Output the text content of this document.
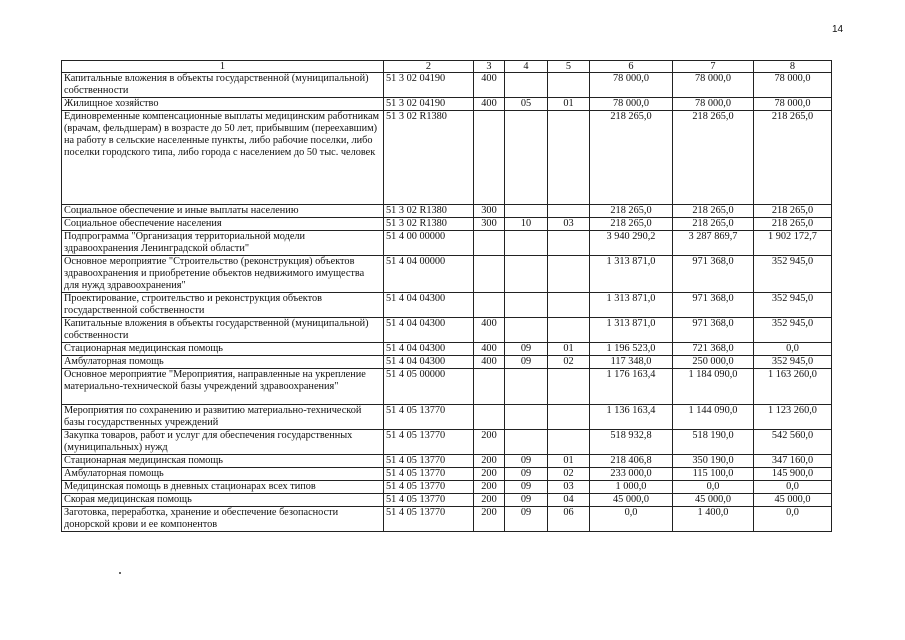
14
1	2	3	4	5	6	7	8
Капитальные вложения в объекты государственной (муниципальной) собственности	51 3 02 04190	400			78 000,0	78 000,0	78 000,0
Жилищное хозяйство	51 3 02 04190	400	05	01	78 000,0	78 000,0	78 000,0
Единовременные компенсационные выплаты медицинским работникам (врачам, фельдшерам) в возрасте до 50 лет, прибывшим (переехавшим) на работу в сельские населенные пункты, либо рабочие поселки, либо поселки городского типа, либо города с населением до 50 тыс. человек	51 3 02 R1380				218 265,0	218 265,0	218 265,0
Социальное обеспечение и иные выплаты населению	51 3 02 R1380	300			218 265,0	218 265,0	218 265,0
Социальное обеспечение населения	51 3 02 R1380	300	10	03	218 265,0	218 265,0	218 265,0
Подпрограмма "Организация территориальной модели здравоохранения Ленинградской области"	51 4 00 00000				3 940 290,2	3 287 869,7	1 902 172,7
Основное мероприятие "Строительство (реконструкция) объектов здравоохранения и приобретение объектов недвижимого имущества для нужд здравоохранения"	51 4 04 00000				1 313 871,0	971 368,0	352 945,0
Проектирование, строительство и реконструкция объектов государственной собственности	51 4 04 04300				1 313 871,0	971 368,0	352 945,0
Капитальные вложения в объекты государственной (муниципальной) собственности	51 4 04 04300	400			1 313 871,0	971 368,0	352 945,0
Стационарная медицинская помощь	51 4 04 04300	400	09	01	1 196 523,0	721 368,0	0,0
Амбулаторная помощь	51 4 04 04300	400	09	02	117 348,0	250 000,0	352 945,0
Основное мероприятие "Мероприятия, направленные на укрепление материально-технической базы учреждений здравоохранения"	51 4 05 00000				1 176 163,4	1 184 090,0	1 163 260,0
Мероприятия по сохранению и развитию материально-технической базы государственных учреждений	51 4 05 13770				1 136 163,4	1 144 090,0	1 123 260,0
Закупка товаров, работ и услуг для обеспечения государственных (муниципальных) нужд	51 4 05 13770	200			518 932,8	518 190,0	542 560,0
Стационарная медицинская помощь	51 4 05 13770	200	09	01	218 406,8	350 190,0	347 160,0
Амбулаторная помощь	51 4 05 13770	200	09	02	233 000,0	115 100,0	145 900,0
Медицинская помощь в дневных стационарах всех типов	51 4 05 13770	200	09	03	1 000,0	0,0	0,0
Скорая медицинская помощь	51 4 05 13770	200	09	04	45 000,0	45 000,0	45 000,0
Заготовка, переработка, хранение и обеспечение безопасности донорской крови и ее компонентов	51 4 05 13770	200	09	06	0,0	1 400,0	0,0
